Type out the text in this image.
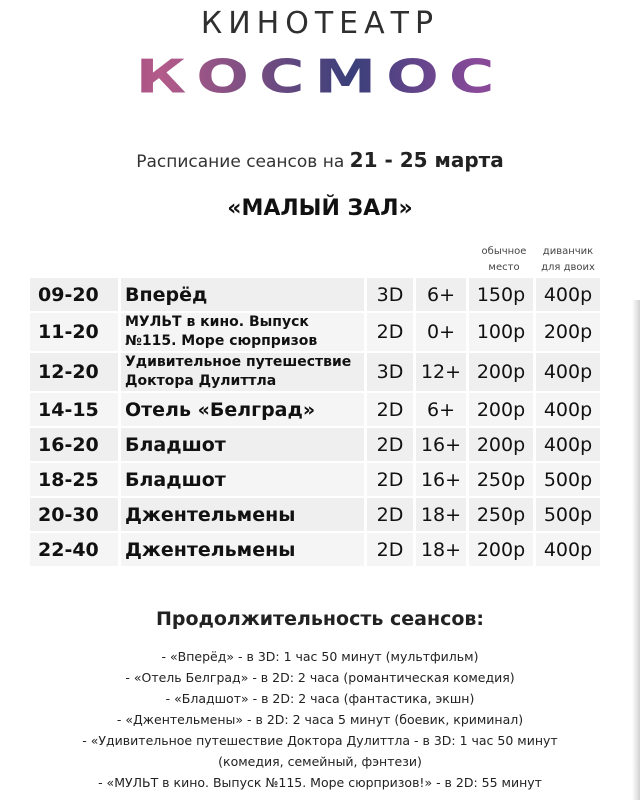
КИНОТЕАТР
КОСМОС
Расписание сеансов на 21 - 25 марта
«МАЛЫЙ ЗАЛ»
обычное место
диванчик для двоих
09-20	Вперёд	3D	6+	150р	400р
11-20	МУЛЬТ в кино. Выпуск №115. Море сюрпризов	2D	0+	100р	200р
12-20	Удивительное путешествие Доктора Дулиттла	3D	12+	200р	400р
14-15	Отель «Белград»	2D	6+	200р	400р
16-20	Бладшот	2D	16+	200р	400р
18-25	Бладшот	2D	16+	250р	500р
20-30	Джентельмены	2D	18+	250р	500р
22-40	Джентельмены	2D	18+	200р	400р
Продолжительность сеансов:
- «Вперёд» - в 3D: 1 час 50 минут (мультфильм)
- «Отель Белград» - в 2D: 2 часа (романтическая комедия)
- «Бладшот» - в 2D: 2 часа (фантастика, экшн)
- «Джентельмены» - в 2D: 2 часа 5 минут (боевик, криминал)
- «Удивительное путешествие Доктора Дулиттла - в 3D: 1 час 50 минут
(комедия, семейный, фэнтези)
- «МУЛЬТ в кино. Выпуск №115. Море сюрпризов!» - в 2D: 55 минут
